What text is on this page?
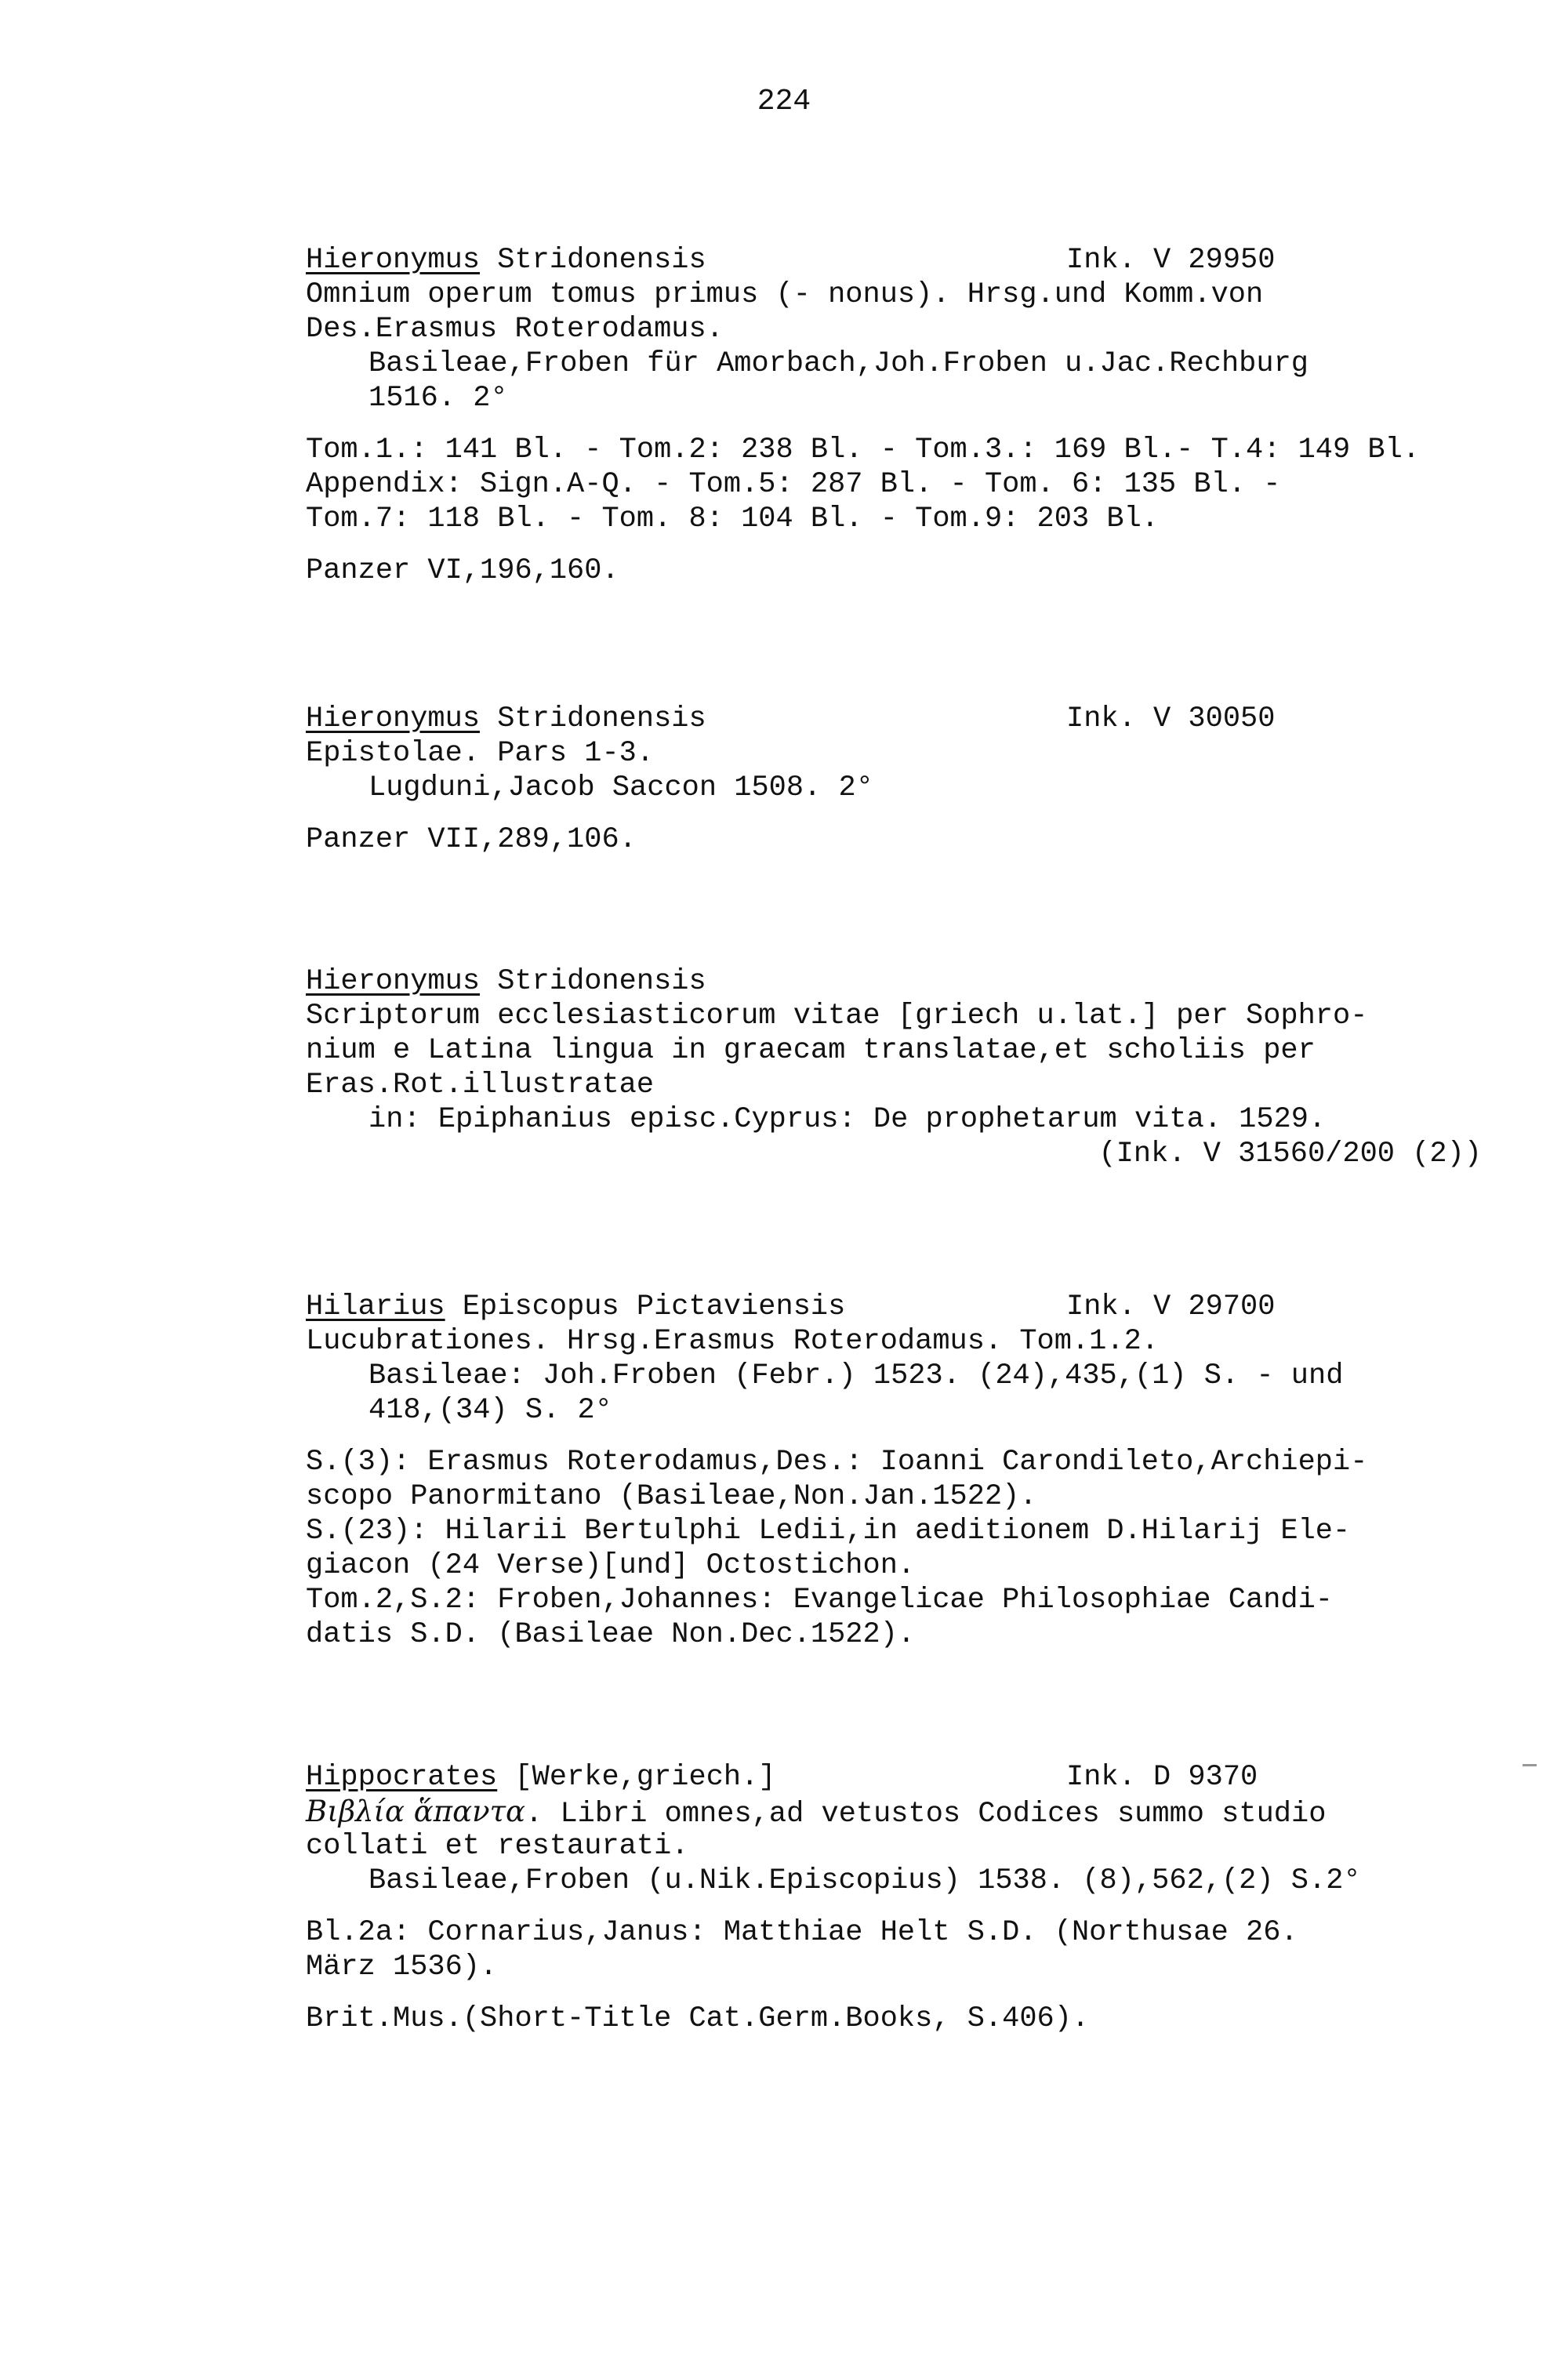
224
Hieronymus Stridonensis	Ink. V 29950
Omnium operum tomus primus (- nonus). Hrsg.und Komm.von
Des.Erasmus Roterodamus.
Basileae,Froben für Amorbach,Joh.Froben u.Jac.Rechburg
1516. 2°
Tom.1.: 141 Bl. - Tom.2: 238 Bl. - Tom.3.: 169 Bl.- T.4: 149 Bl.
Appendix: Sign.A-Q. - Tom.5: 287 Bl. - Tom. 6: 135 Bl. -
Tom.7: 118 Bl. - Tom. 8: 104 Bl. - Tom.9: 203 Bl.
Panzer VI,196,160.
Hieronymus Stridonensis	Ink. V 30050
Epistolae. Pars 1-3.
Lugduni,Jacob Saccon 1508. 2°
Panzer VII,289,106.
Hieronymus Stridonensis
Scriptorum ecclesiasticorum vitae [griech u.lat.] per Sophro-
nium e Latina lingua in graecam translatae,et scholiis per
Eras.Rot.illustratae
in: Epiphanius episc.Cyprus: De prophetarum vita. 1529.
(Ink. V 31560/200 (2))
Hilarius Episcopus Pictaviensis	Ink. V 29700
Lucubrationes. Hrsg.Erasmus Roterodamus. Tom.1.2.
Basileae: Joh.Froben (Febr.) 1523. (24),435,(1) S. - und
418,(34) S. 2°
S.(3): Erasmus Roterodamus,Des.: Ioanni Carondileto,Archiepi-
scopo Panormitano (Basileae,Non.Jan.1522).
S.(23): Hilarii Bertulphi Ledii,in aeditionem D.Hilarij Ele-
giacon (24 Verse)[und] Octostichon.
Tom.2,S.2: Froben,Johannes: Evangelicae Philosophiae Candi-
datis S.D. (Basileae Non.Dec.1522).
Hippocrates [Werke,griech.]	Ink. D 9370
Βιβλία ἅπαντα. Libri omnes,ad vetustos Codices summo studio
collati et restaurati.
Basileae,Froben (u.Nik.Episcopius) 1538. (8),562,(2) S.2°
Bl.2a: Cornarius,Janus: Matthiae Helt S.D. (Northusae 26.
März 1536).
Brit.Mus.(Short-Title Cat.Germ.Books, S.406).
